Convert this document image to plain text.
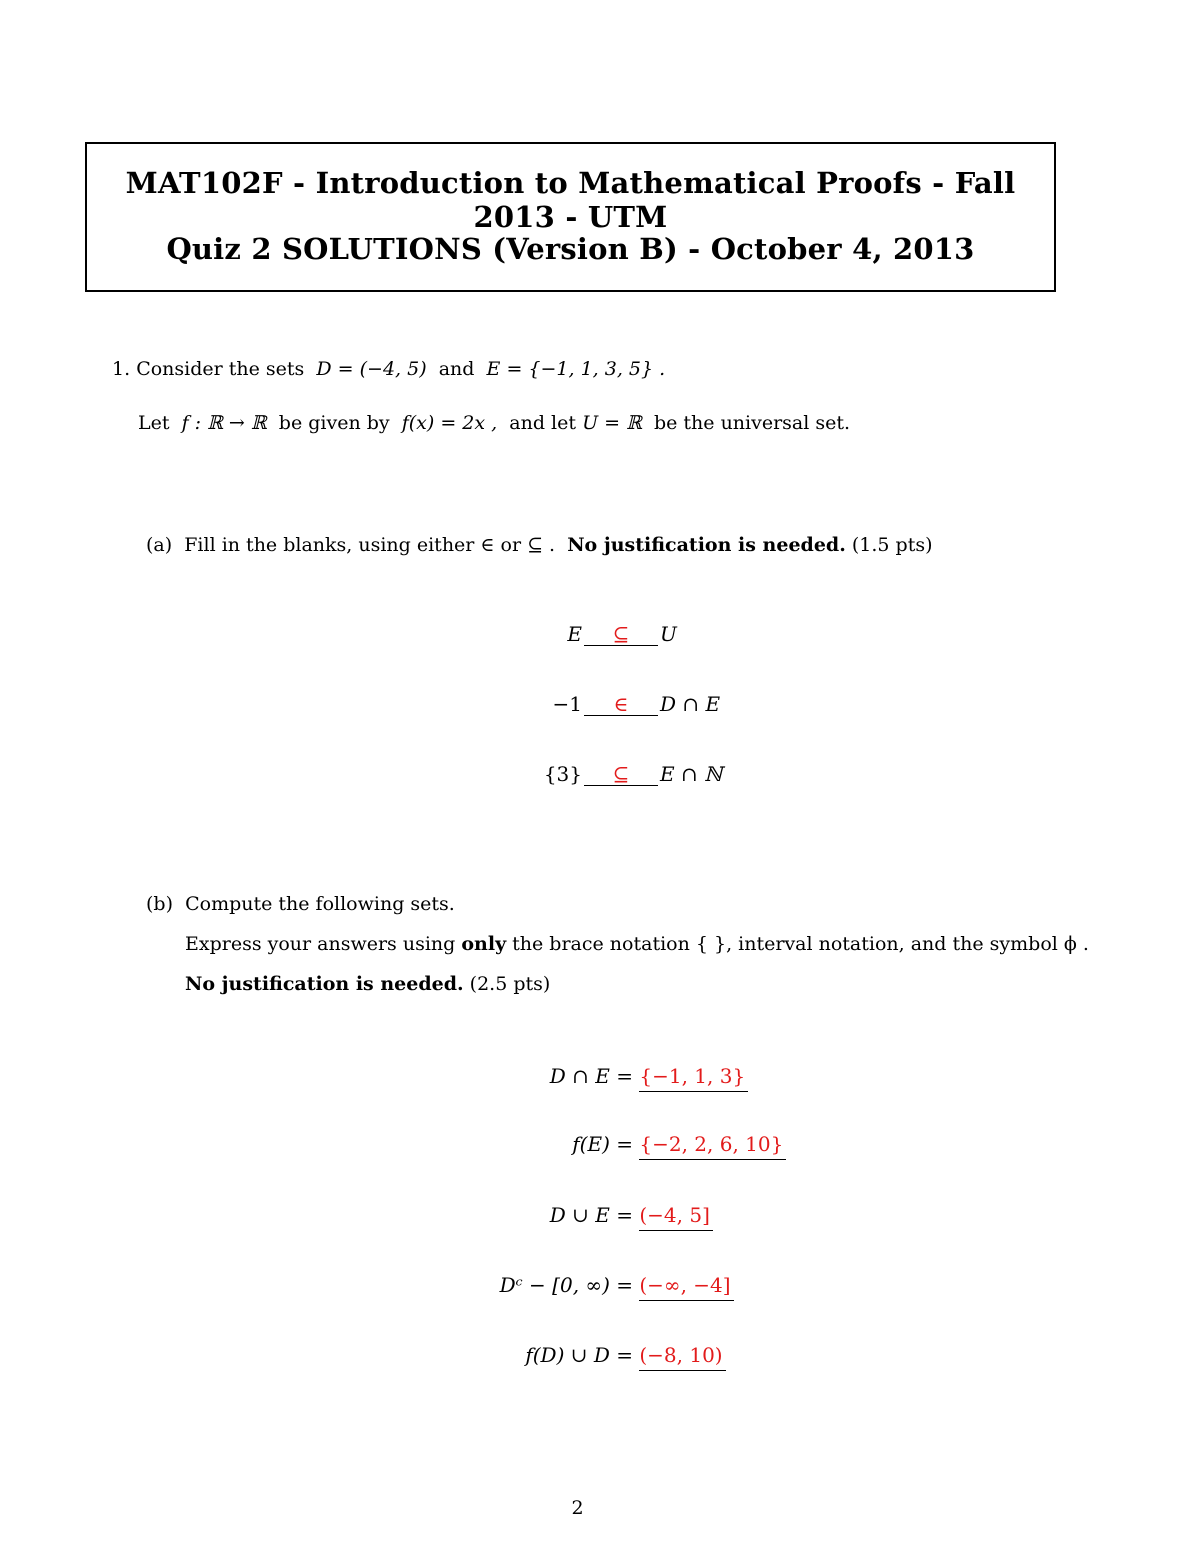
MAT102F - Introduction to Mathematical Proofs - Fall 2013 - UTM
Quiz 2 SOLUTIONS (Version B) - October 4, 2013
1. Consider the sets D = (−4, 5) and E = {−1, 1, 3, 5} .
Let f : ℝ → ℝ be given by f(x) = 2x , and let U = ℝ be the universal set.
(a) Fill in the blanks, using either ∈ or ⊆ . No justification is needed. (1.5 pts)
E ⊆ U
−1 ∈ D ∩ E
{3} ⊆ E ∩ ℕ
(b) Compute the following sets.
Express your answers using only the brace notation { }, interval notation, and the symbol ϕ .
No justification is needed. (2.5 pts)
D ∩ E = {−1, 1, 3}
f(E) = {−2, 2, 6, 10}
D ∪ E = (−4, 5]
Dᶜ − [0, ∞) = (−∞, −4]
f(D) ∪ D = (−8, 10)
2
